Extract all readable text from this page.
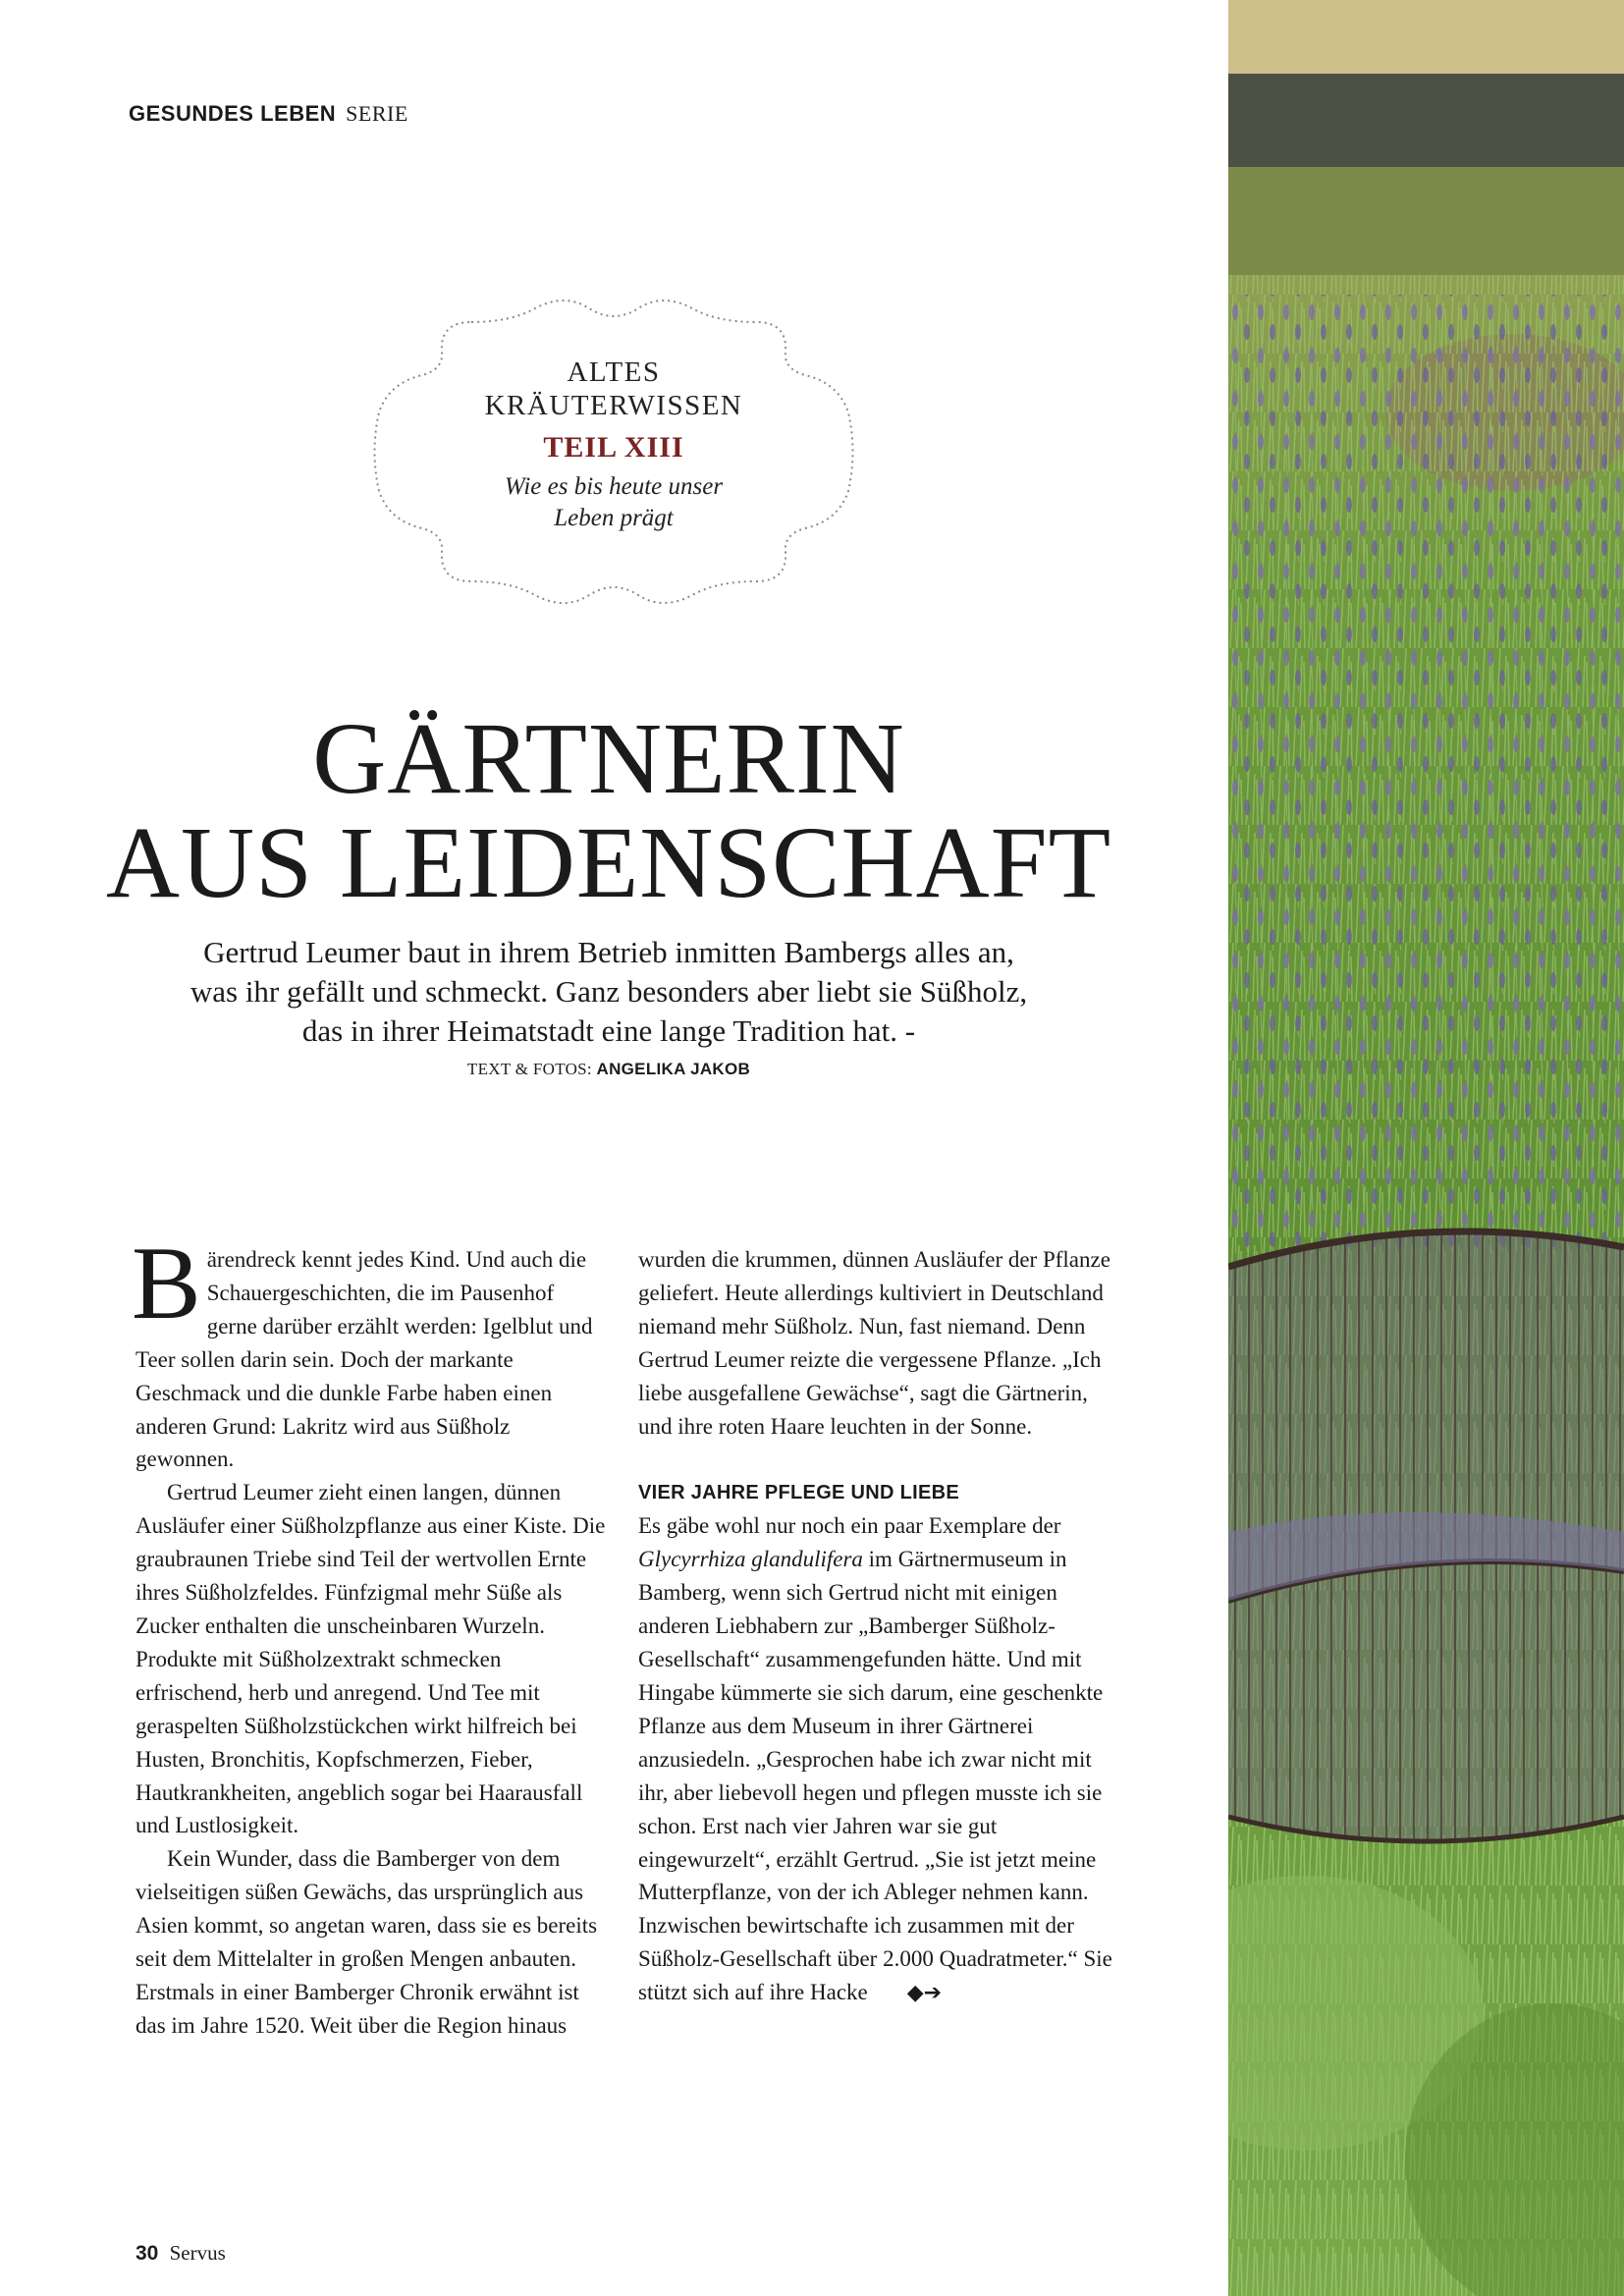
GESUNDES LEBEN SERIE
ALTES
KRÄUTERWISSEN
TEIL XIII
Wie es bis heute unser
Leben prägt
GÄRTNERIN
AUS LEIDENSCHAFT
Gertrud Leumer baut in ihrem Betrieb inmitten Bambergs alles an,
was ihr gefällt und schmeckt. Ganz besonders aber liebt sie Süßholz,
das in ihrer Heimatstadt eine lange Tradition hat. -
TEXT & FOTOS: ANGELIKA JAKOB

Bärendreck kennt jedes Kind. Und auch die Schauergeschichten, die im Pausenhof gerne darüber erzählt werden: Igelblut und Teer sollen darin sein. Doch der markante Geschmack und die dunkle Farbe haben einen anderen Grund: Lakritz wird aus Süßholz gewonnen.

Gertrud Leumer zieht einen langen, dünnen Ausläufer einer Süßholzpflanze aus einer Kiste. Die graubraunen Triebe sind Teil der wertvollen Ernte ihres Süßholzfeldes. Fünfzigmal mehr Süße als Zucker enthalten die unscheinbaren Wurzeln. Produkte mit Süßholzextrakt schmecken erfrischend, herb und anregend. Und Tee mit geraspelten Süßholzstückchen wirkt hilfreich bei Husten, Bronchitis, Kopfschmerzen, Fieber, Hautkrankheiten, angeblich sogar bei Haarausfall und Lustlosigkeit.

Kein Wunder, dass die Bamberger von dem vielseitigen süßen Gewächs, das ursprünglich aus Asien kommt, so angetan waren, dass sie es bereits seit dem Mittelalter in großen Mengen anbauten. Erstmals in einer Bamberger Chronik erwähnt ist das im Jahre 1520. Weit über die Region hinaus

wurden die krummen, dünnen Ausläufer der Pflanze geliefert. Heute allerdings kultiviert in Deutschland niemand mehr Süßholz. Nun, fast niemand. Denn Gertrud Leumer reizte die vergessene Pflanze. „Ich liebe ausgefallene Gewächse“, sagt die Gärtnerin, und ihre roten Haare leuchten in der Sonne.

VIER JAHRE PFLEGE UND LIEBE

Es gäbe wohl nur noch ein paar Exemplare der Glycyrrhiza glandulifera im Gärtnermuseum in Bamberg, wenn sich Gertrud nicht mit einigen anderen Liebhabern zur „Bamberger Süßholz-Gesellschaft“ zusammengefunden hätte. Und mit Hingabe kümmerte sie sich darum, eine geschenkte Pflanze aus dem Museum in ihrer Gärtnerei anzusiedeln. „Gesprochen habe ich zwar nicht mit ihr, aber liebevoll hegen und pflegen musste ich sie schon. Erst nach vier Jahren war sie gut eingewurzelt“, erzählt Gertrud. „Sie ist jetzt meine Mutterpflanze, von der ich Ableger nehmen kann. Inzwischen bewirtschafte ich zusammen mit der Süßholz-Gesellschaft über 2.000 Quadratmeter.“ Sie stützt sich auf ihre Hacke ◆➔

30 Servus
